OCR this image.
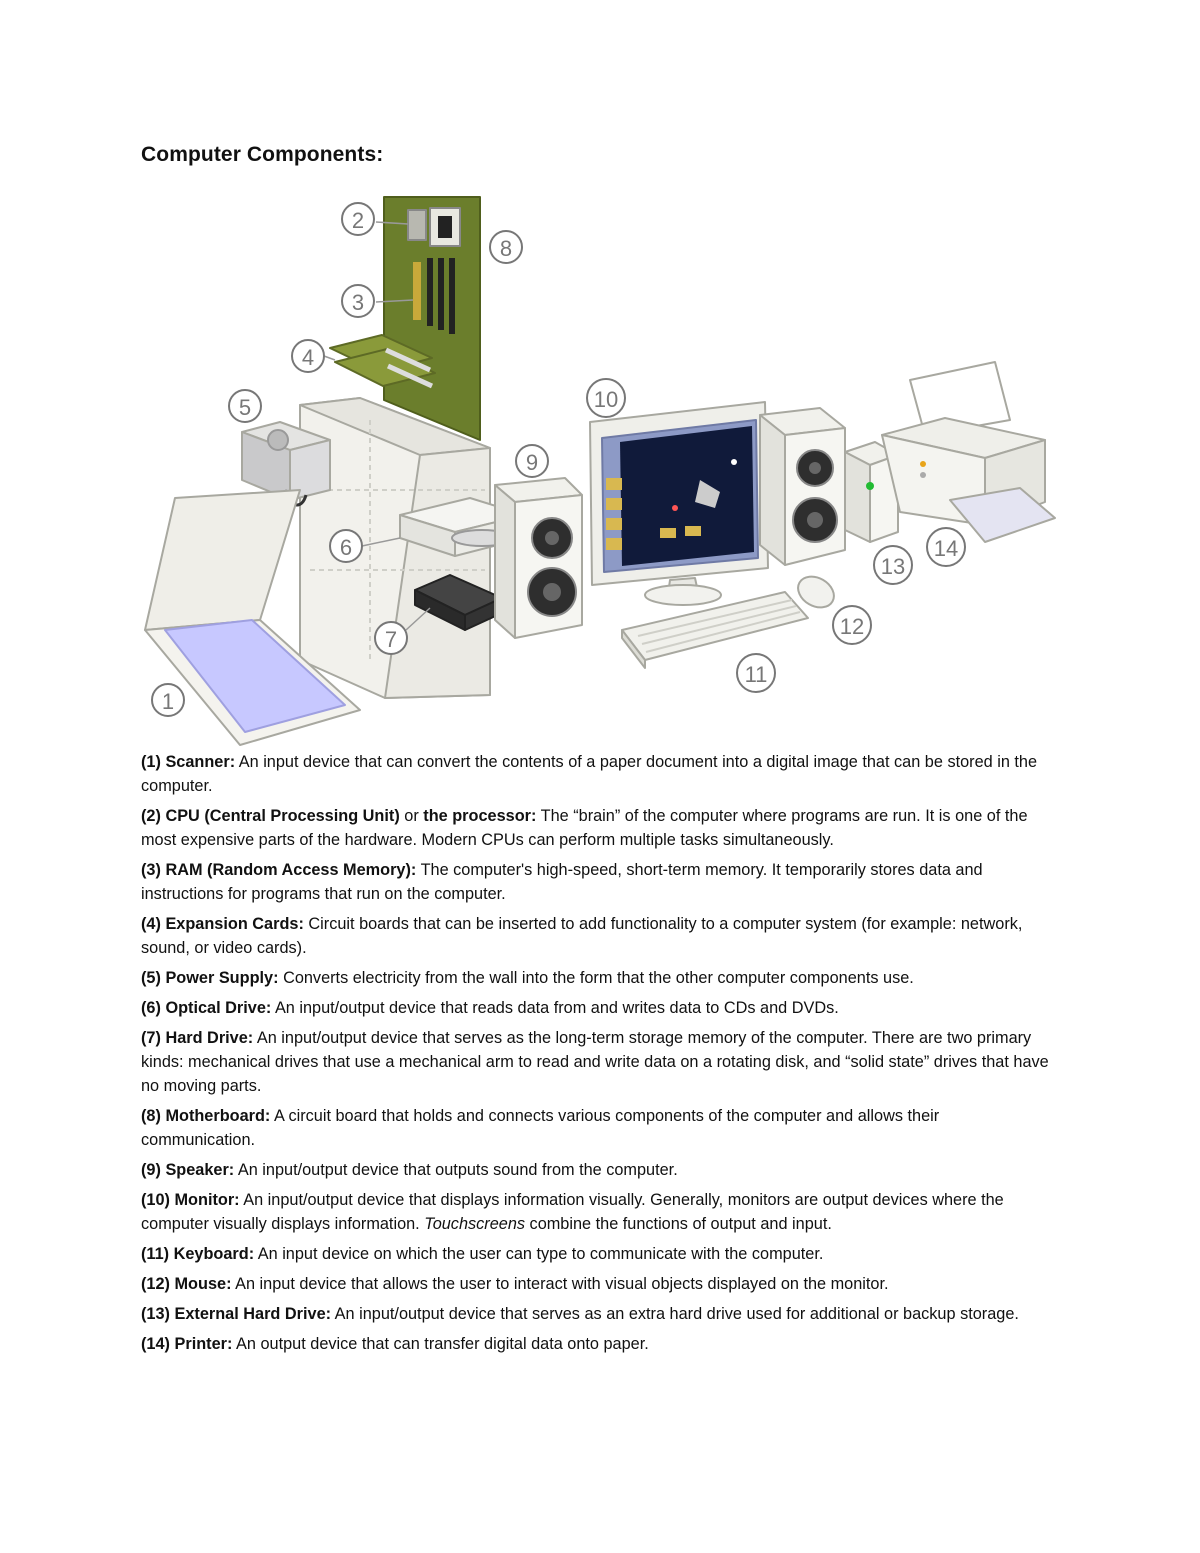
Computer Components:
1
2
3
4
5
6
7
8
9
10
11
12
13
14
(1) Scanner: An input device that can convert the contents of a paper document into a digital image that can be stored in the computer.
(2) CPU (Central Processing Unit) or the processor: The “brain” of the computer where programs are run. It is one of the most expensive parts of the hardware. Modern CPUs can perform multiple tasks simultaneously.
(3) RAM (Random Access Memory): The computer's high-speed, short-term memory. It temporarily stores data and instructions for programs that run on the computer.
(4) Expansion Cards: Circuit boards that can be inserted to add functionality to a computer system (for example: network, sound, or video cards).
(5) Power Supply: Converts electricity from the wall into the form that the other computer components use.
(6) Optical Drive: An input/output device that reads data from and writes data to CDs and DVDs.
(7) Hard Drive: An input/output device that serves as the long-term storage memory of the computer. There are two primary kinds: mechanical drives that use a mechanical arm to read and write data on a rotating disk, and “solid state” drives that have no moving parts.
(8) Motherboard: A circuit board that holds and connects various components of the computer and allows their communication.
(9) Speaker: An input/output device that outputs sound from the computer.
(10) Monitor: An input/output device that displays information visually. Generally, monitors are output devices where the computer visually displays information. Touchscreens combine the functions of output and input.
(11) Keyboard: An input device on which the user can type to communicate with the computer.
(12) Mouse: An input device that allows the user to interact with visual objects displayed on the monitor.
(13) External Hard Drive: An input/output device that serves as an extra hard drive used for additional or backup storage.
(14) Printer: An output device that can transfer digital data onto paper.
